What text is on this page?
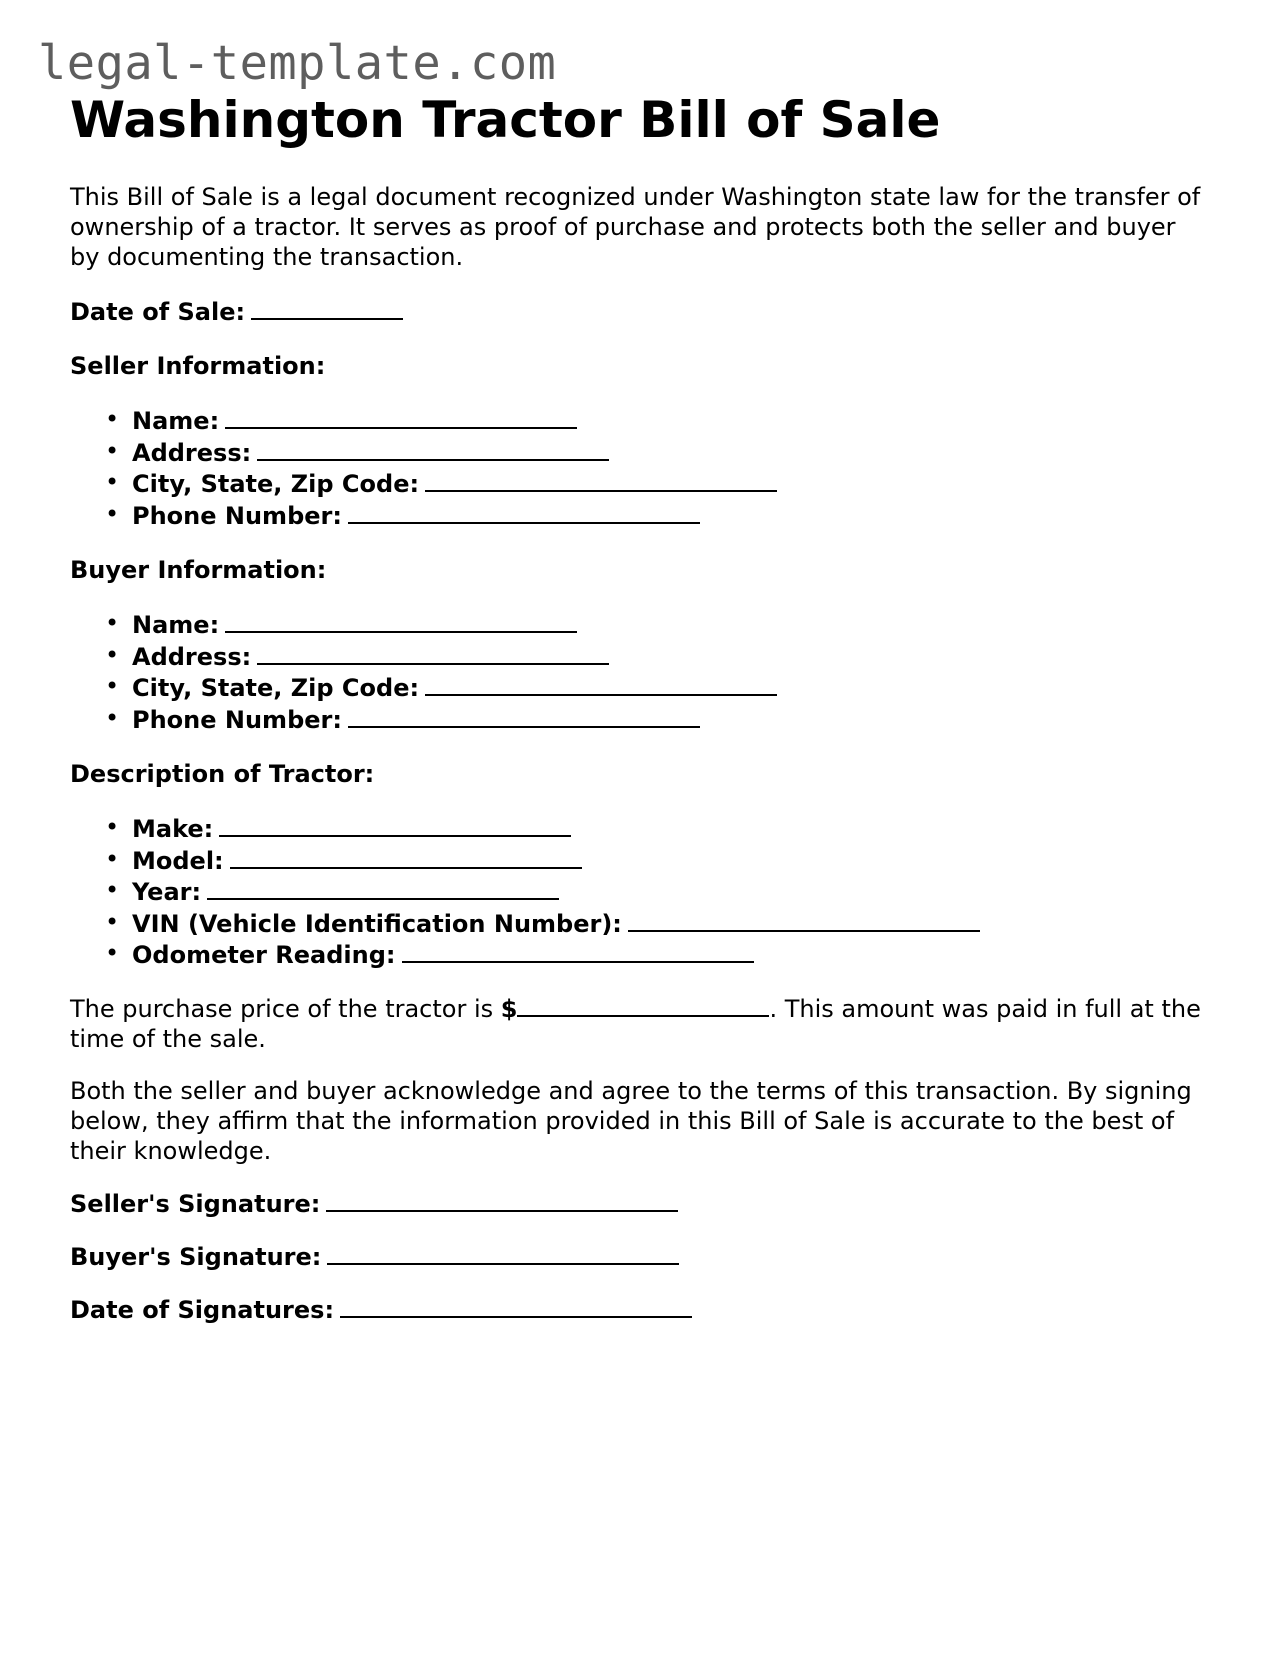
legal-template.com
Washington Tractor Bill of Sale

This Bill of Sale is a legal document recognized under Washington state law for the transfer of ownership of a tractor. It serves as proof of purchase and protects both the seller and buyer by documenting the transaction.

Date of Sale:
Seller Information:
• Name:
• Address:
• City, State, Zip Code:
• Phone Number:
Buyer Information:
• Name:
• Address:
• City, State, Zip Code:
• Phone Number:
Description of Tractor:
• Make:
• Model:
• Year:
• VIN (Vehicle Identification Number):
• Odometer Reading:

The purchase price of the tractor is $	. This amount was paid in full at the time of the sale.

Both the seller and buyer acknowledge and agree to the terms of this transaction. By signing below, they affirm that the information provided in this Bill of Sale is accurate to the best of their knowledge.

Seller's Signature:
Buyer's Signature:
Date of Signatures:
